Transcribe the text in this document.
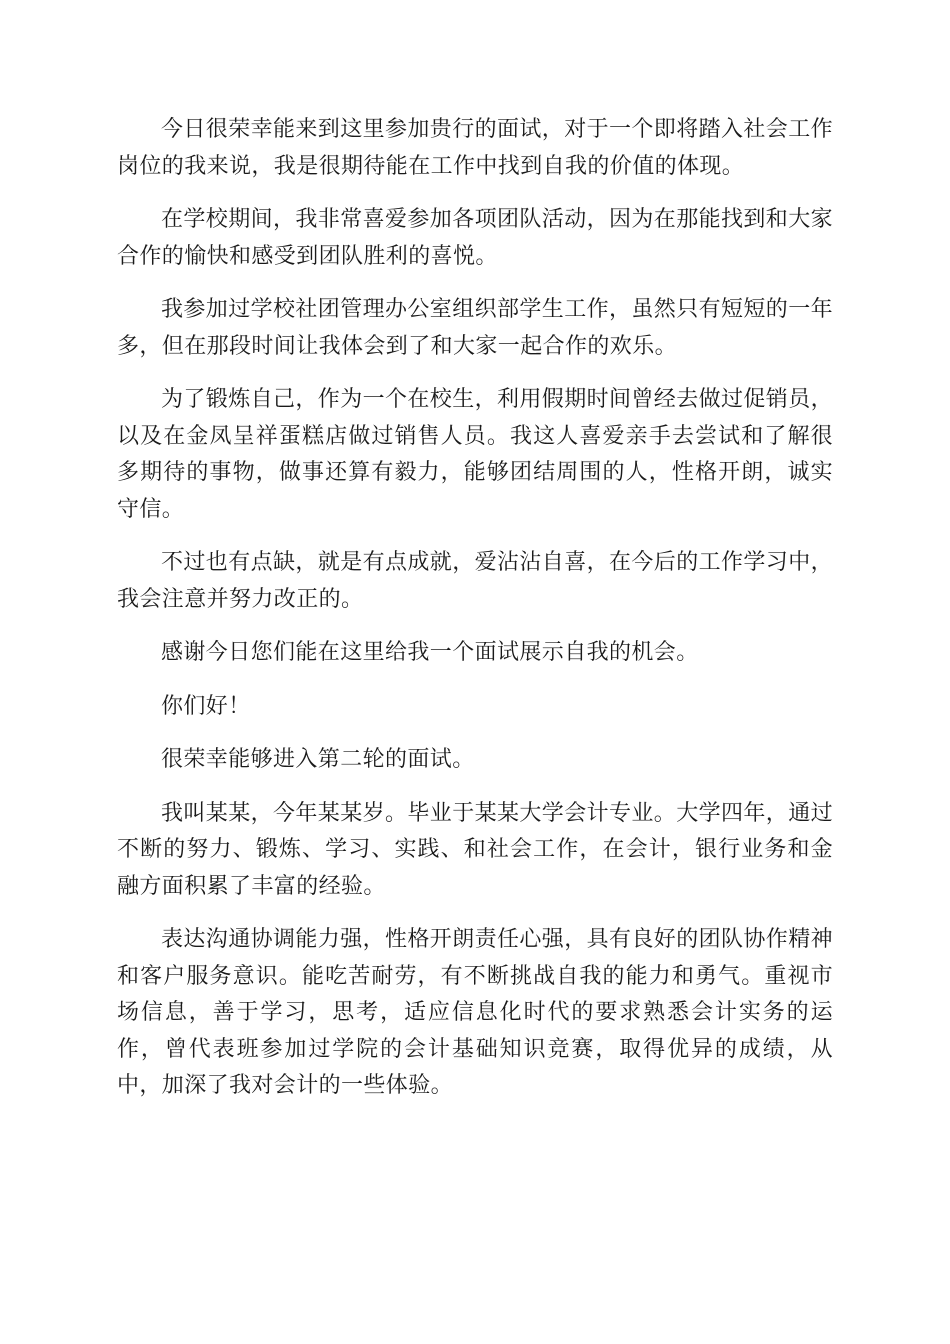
今日很荣幸能来到这里参加贵行的面试，对于一个即将踏入社会工作岗位的我来说，我是很期待能在工作中找到自我的价值的体现。

在学校期间，我非常喜爱参加各项团队活动，因为在那能找到和大家合作的愉快和感受到团队胜利的喜悦。

我参加过学校社团管理办公室组织部学生工作，虽然只有短短的一年多，但在那段时间让我体会到了和大家一起合作的欢乐。

为了锻炼自己，作为一个在校生，利用假期时间曾经去做过促销员，以及在金凤呈祥蛋糕店做过销售人员。我这人喜爱亲手去尝试和了解很多期待的事物，做事还算有毅力，能够团结周围的人，性格开朗，诚实守信。

不过也有点缺，就是有点成就，爱沾沾自喜，在今后的工作学习中，我会注意并努力改正的。

感谢今日您们能在这里给我一个面试展示自我的机会。

你们好！

很荣幸能够进入第二轮的面试。

我叫某某，今年某某岁。毕业于某某大学会计专业。大学四年，通过不断的努力、锻炼、学习、实践、和社会工作，在会计，银行业务和金融方面积累了丰富的经验。

表达沟通协调能力强，性格开朗责任心强，具有良好的团队协作精神和客户服务意识。能吃苦耐劳，有不断挑战自我的能力和勇气。重视市场信息，善于学习，思考，适应信息化时代的要求熟悉会计实务的运作，曾代表班参加过学院的会计基础知识竞赛，取得优异的成绩，从中，加深了我对会计的一些体验。
